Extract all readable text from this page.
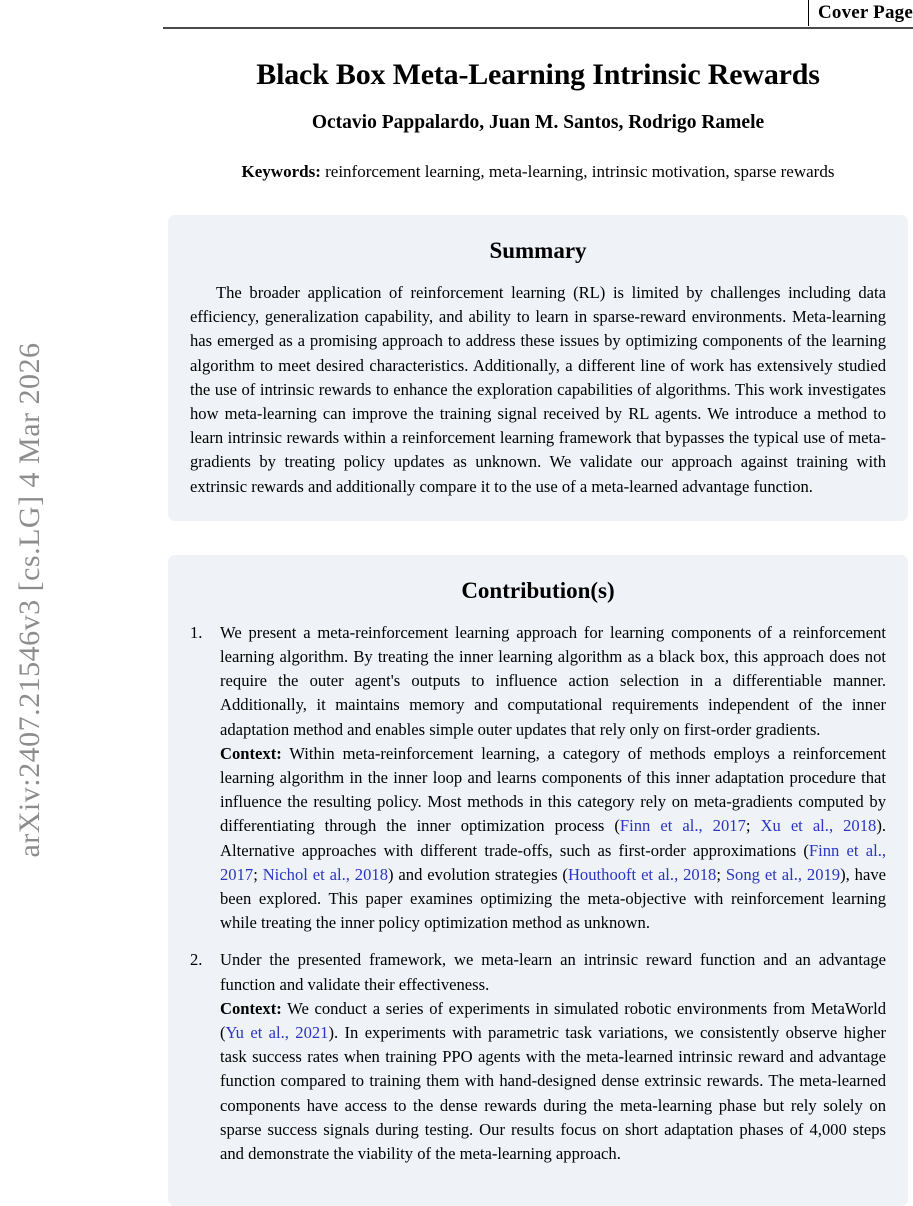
arXiv:2407.21546v3 [cs.LG] 4 Mar 2026
Cover Page
Black Box Meta-Learning Intrinsic Rewards
Octavio Pappalardo, Juan M. Santos, Rodrigo Ramele
Keywords: reinforcement learning, meta-learning, intrinsic motivation, sparse rewards
Summary

The broader application of reinforcement learning (RL) is limited by challenges including data efficiency, generalization capability, and ability to learn in sparse-reward environments. Meta-learning has emerged as a promising approach to address these issues by optimizing components of the learning algorithm to meet desired characteristics. Additionally, a different line of work has extensively studied the use of intrinsic rewards to enhance the exploration capabilities of algorithms. This work investigates how meta-learning can improve the training signal received by RL agents. We introduce a method to learn intrinsic rewards within a reinforcement learning framework that bypasses the typical use of meta-gradients by treating policy updates as unknown. We validate our approach against training with extrinsic rewards and additionally compare it to the use of a meta-learned advantage function.

Contribution(s)
1. We present a meta-reinforcement learning approach for learning components of a reinforcement learning algorithm. By treating the inner learning algorithm as a black box, this approach does not require the outer agent's outputs to influence action selection in a differentiable manner. Additionally, it maintains memory and computational requirements independent of the inner adaptation method and enables simple outer updates that rely only on first-order gradients.

Context: Within meta-reinforcement learning, a category of methods employs a reinforcement learning algorithm in the inner loop and learns components of this inner adaptation procedure that influence the resulting policy. Most methods in this category rely on meta-gradients computed by differentiating through the inner optimization process (Finn et al., 2017; Xu et al., 2018). Alternative approaches with different trade-offs, such as first-order approximations (Finn et al., 2017; Nichol et al., 2018) and evolution strategies (Houthooft et al., 2018; Song et al., 2019), have been explored. This paper examines optimizing the meta-objective with reinforcement learning while treating the inner policy optimization method as unknown.

2. Under the presented framework, we meta-learn an intrinsic reward function and an advantage function and validate their effectiveness.

Context: We conduct a series of experiments in simulated robotic environments from MetaWorld (Yu et al., 2021). In experiments with parametric task variations, we consistently observe higher task success rates when training PPO agents with the meta-learned intrinsic reward and advantage function compared to training them with hand-designed dense extrinsic rewards. The meta-learned components have access to the dense rewards during the meta-learning phase but rely solely on sparse success signals during testing. Our results focus on short adaptation phases of 4,000 steps and demonstrate the viability of the meta-learning approach.
